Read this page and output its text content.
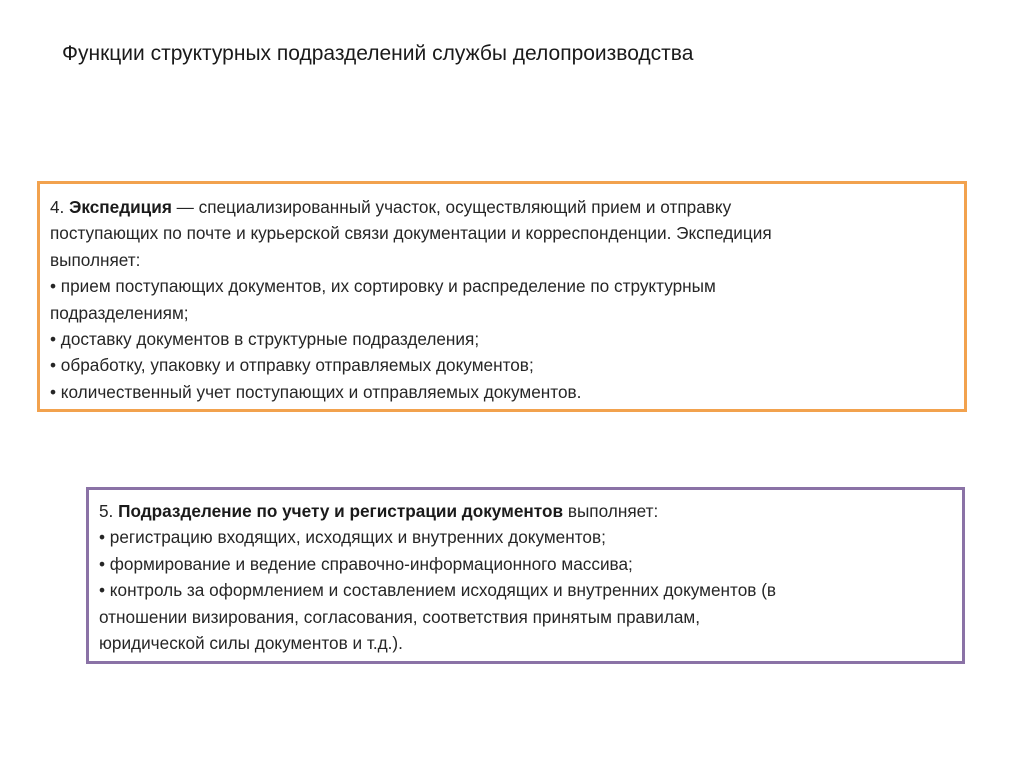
Функции структурных подразделений службы делопроизводства
4. Экспедиция — специализированный участок, осуществляющий прием и отправку
поступающих по почте и курьерской связи документации и корреспонденции. Экспедиция
выполняет:
• прием поступающих документов, их сортировку и распределение по структурным
подразделениям;
• доставку документов в структурные подразделения;
• обработку, упаковку и отправку отправляемых документов;
• количественный учет поступающих и отправляемых документов.
5. Подразделение по учету и регистрации документов выполняет:
• регистрацию входящих, исходящих и внутренних документов;
• формирование и ведение справочно-информационного массива;
• контроль за оформлением и составлением исходящих и внутренних документов (в
отношении визирования, согласования, соответствия принятым правилам,
юридической силы документов и т.д.).
